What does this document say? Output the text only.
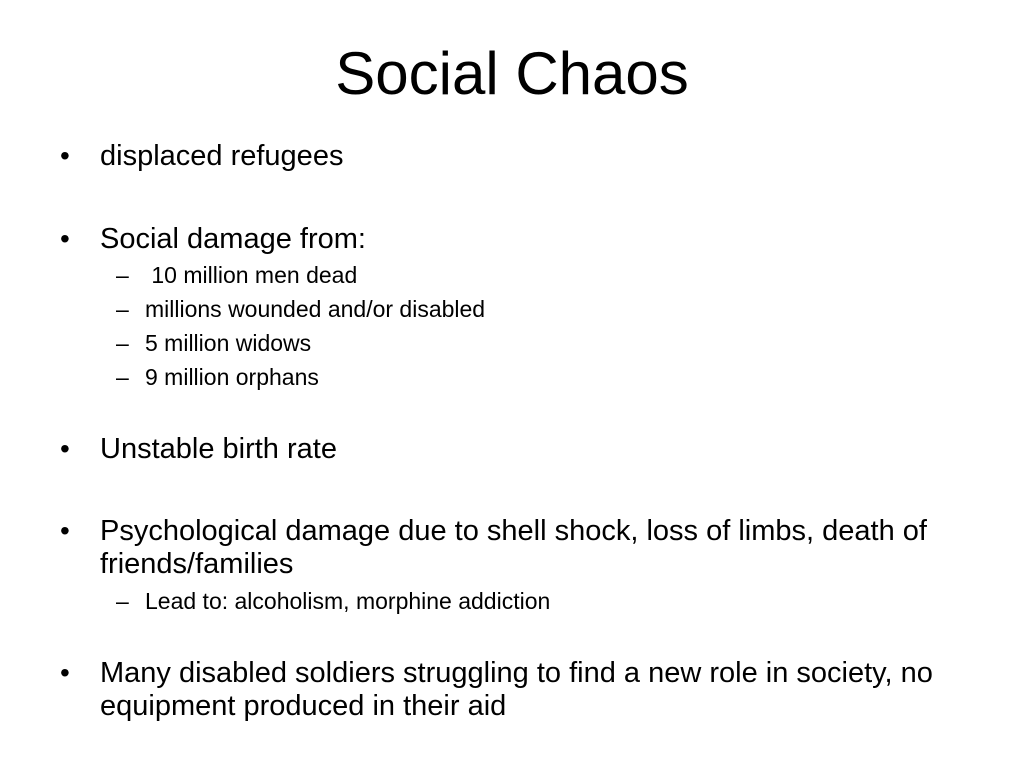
Social Chaos
• displaced refugees
• Social damage from:
– 10 million men dead
– millions wounded and/or disabled
– 5 million widows
– 9 million orphans
• Unstable birth rate
• Psychological damage due to shell shock, loss of limbs, death of friends/families
– Lead to: alcoholism, morphine addiction
• Many disabled soldiers struggling to find a new role in society, no equipment produced in their aid
